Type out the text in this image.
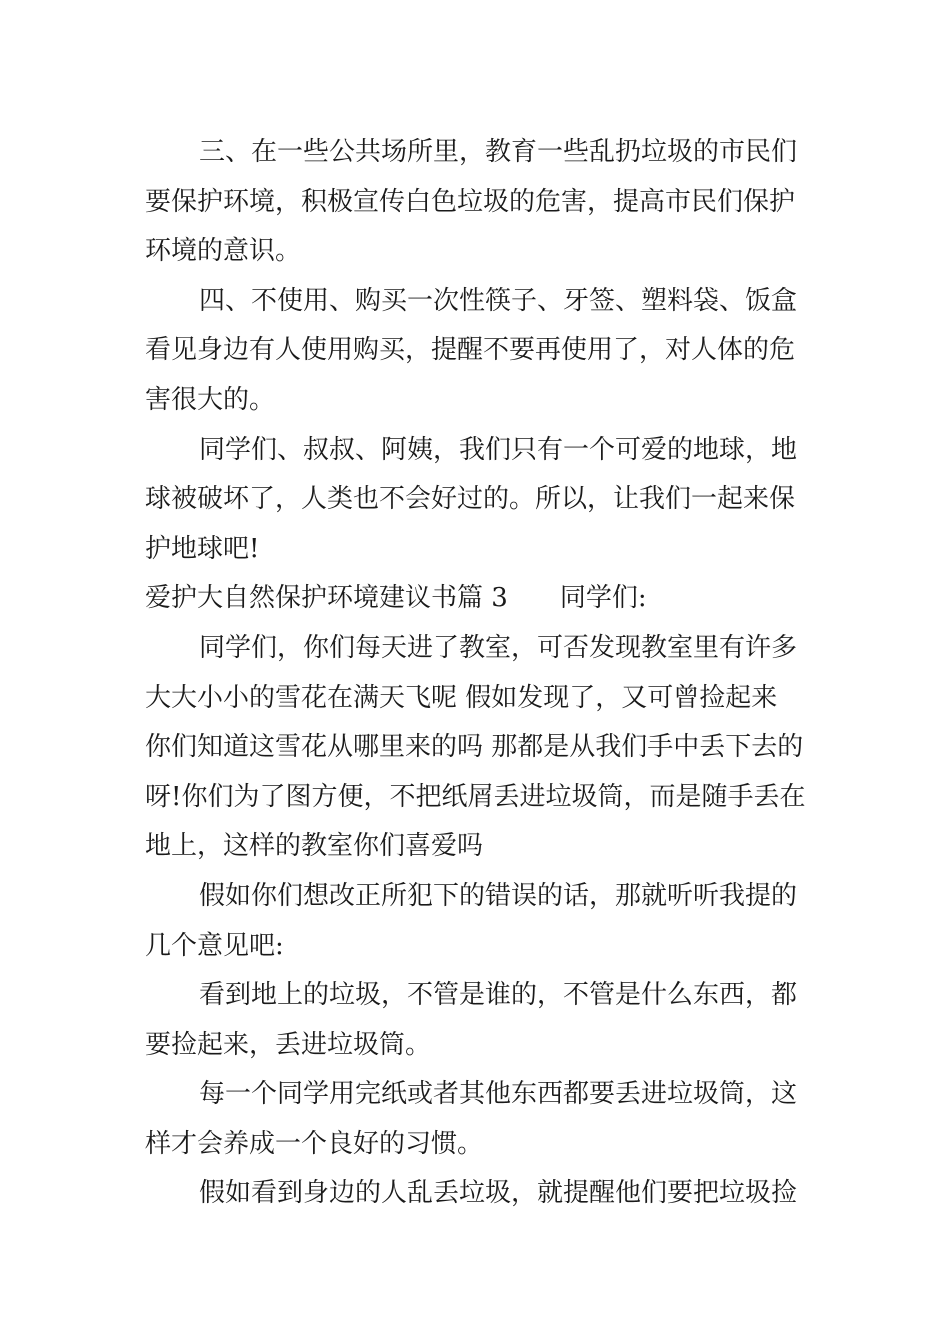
三、在一些公共场所里，教育一些乱扔垃圾的市民们
要保护环境，积极宣传白色垃圾的危害，提高市民们保护
环境的意识。
四、不使用、购买一次性筷子、牙签、塑料袋、饭盒
看见身边有人使用购买，提醒不要再使用了，对人体的危
害很大的。
同学们、叔叔、阿姨，我们只有一个可爱的地球，地
球被破坏了，人类也不会好过的。所以，让我们一起来保
护地球吧!
爱护大自然保护环境建议书篇 3 同学们:
同学们，你们每天进了教室，可否发现教室里有许多
大大小小的雪花在满天飞呢 假如发现了，又可曾捡起来
你们知道这雪花从哪里来的吗 那都是从我们手中丢下去的
呀!你们为了图方便，不把纸屑丢进垃圾筒，而是随手丢在
地上，这样的教室你们喜爱吗
假如你们想改正所犯下的错误的话，那就听听我提的
几个意见吧:
看到地上的垃圾，不管是谁的，不管是什么东西，都
要捡起来，丢进垃圾筒。
每一个同学用完纸或者其他东西都要丢进垃圾筒，这
样才会养成一个良好的习惯。
假如看到身边的人乱丢垃圾，就提醒他们要把垃圾捡
